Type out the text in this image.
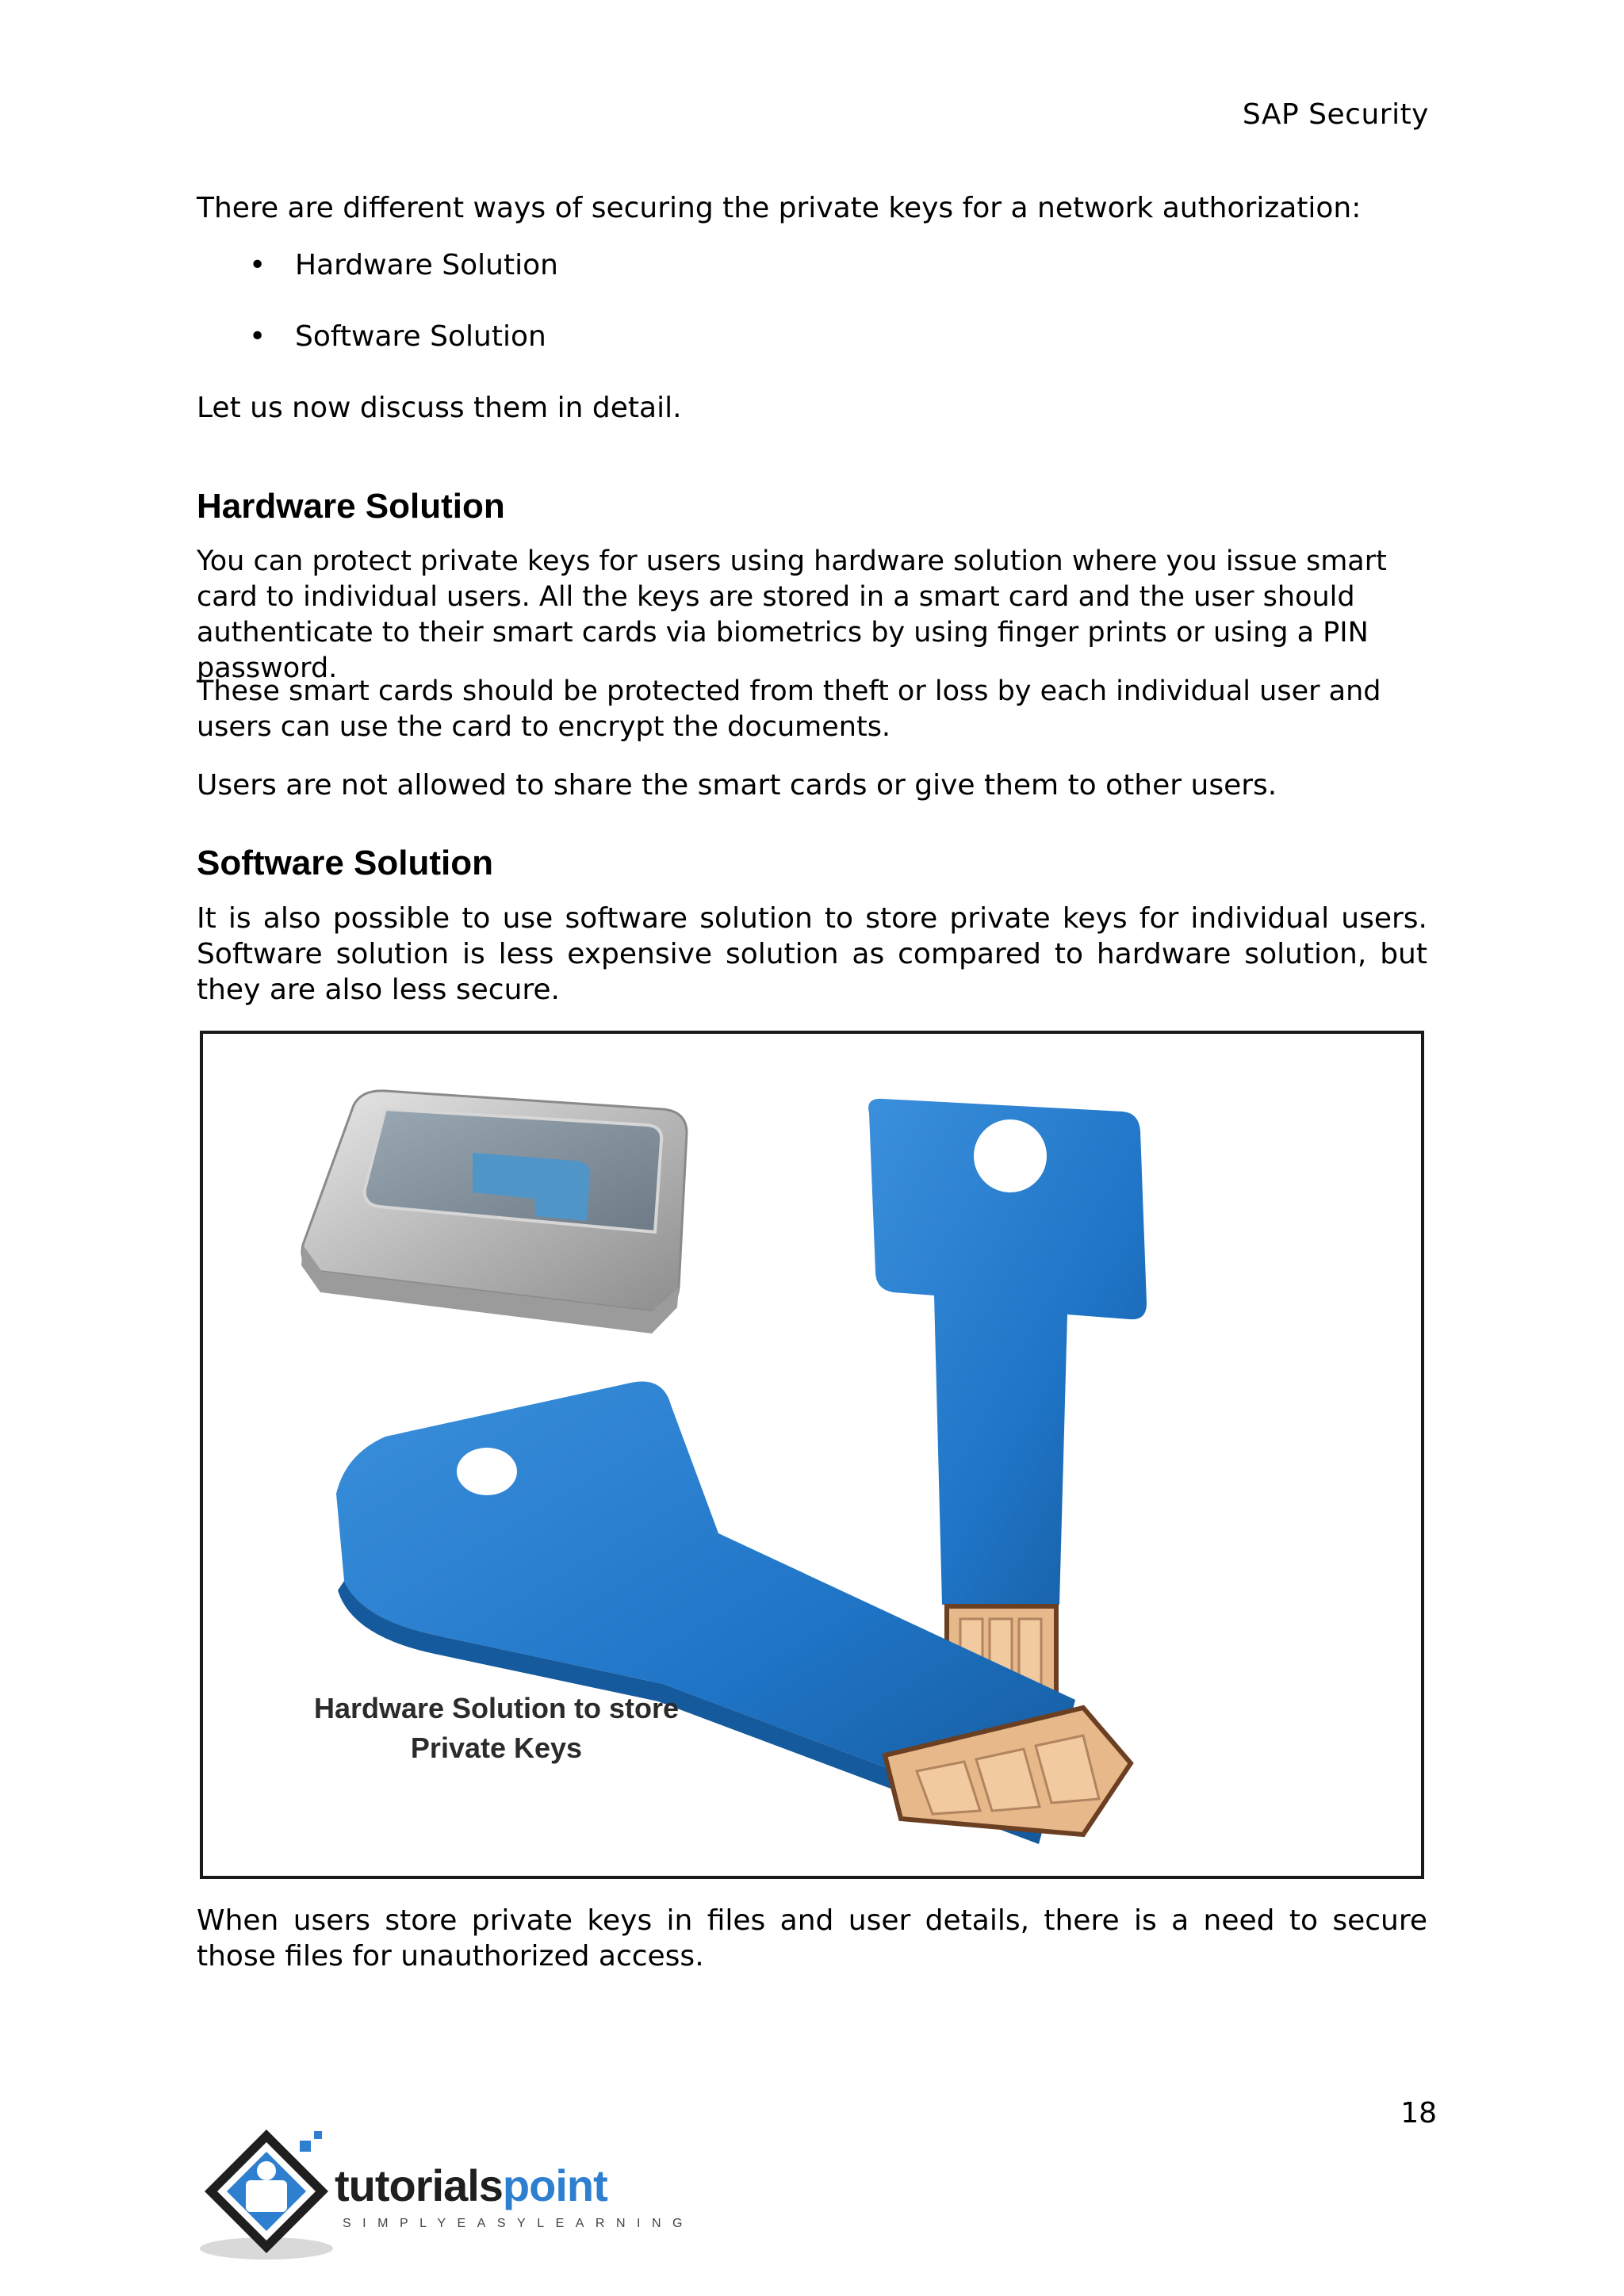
SAP Security

There are different ways of securing the private keys for a network authorization:

• Hardware Solution
• Software Solution

Let us now discuss them in detail.

Hardware Solution

You can protect private keys for users using hardware solution where you issue smart card to individual users. All the keys are stored in a smart card and the user should authenticate to their smart cards via biometrics by using finger prints or using a PIN password.

These smart cards should be protected from theft or loss by each individual user and users can use the card to encrypt the documents.

Users are not allowed to share the smart cards or give them to other users.

Software Solution

It is also possible to use software solution to store private keys for individual users. Software solution is less expensive solution as compared to hardware solution, but they are also less secure.

Hardware Solution to store
Private Keys

When users store private keys in files and user details, there is a need to secure those files for unauthorized access.

18
tutorialspoint
SIMPLYEASYLEARNING
